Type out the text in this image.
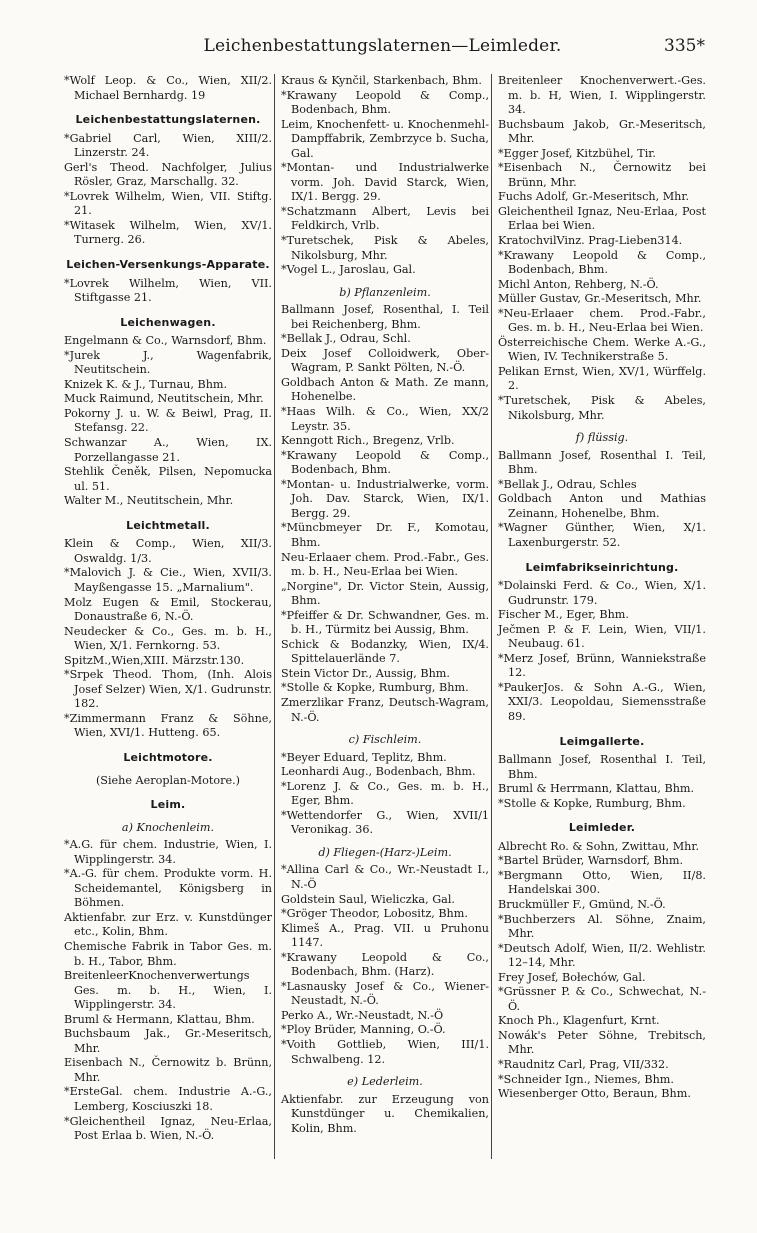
Leichenbestattungslaternen—Leimleder.	335*

*Wolf Leop. & Co., Wien, XII/2. Michael Bernhardg. 19

Leichenbestattungslaternen.

*Gabriel Carl, Wien, XIII/2. Linzerstr. 24.

Gerl's Theod. Nachfolger, Julius Rösler, Graz, Marschallg. 32.

*Lovrek Wilhelm, Wien, VII. Stiftg. 21.

*Witasek Wilhelm, Wien, XV/1. Turnerg. 26.

Leichen-Versenkungs-Apparate.

*Lovrek Wilhelm, Wien, VII. Stiftgasse 21.

Leichenwagen.

Engelmann & Co., Warnsdorf, Bhm.

*Jurek J., Wagenfabrik, Neutitschein.

Knizek K. & J., Turnau, Bhm.

Muck Raimund, Neutitschein, Mhr.

Pokorny J. u. W. & Beiwl, Prag, II. Stefansg. 22.

Schwanzar A., Wien, IX. Porzellangasse 21.

Stehlik Čeněk, Pilsen, Nepomucka ul. 51.

Walter M., Neutitschein, Mhr.

Leichtmetall.

Klein & Comp., Wien, XII/3. Oswaldg. 1/3.

*Malovich J. & Cie., Wien, XVII/3. Mayßengasse 15. „Marnalium".

Molz Eugen & Emil, Stockerau, Donaustraße 6, N.-Ö.

Neudecker & Co., Ges. m. b. H., Wien, X/1. Fernkorng. 53.

SpitzM.,Wien,XIII. Märzstr.130.

*Srpek Theod. Thom, (Inh. Alois Josef Selzer) Wien, X/1. Gudrunstr. 182.

*Zimmermann Franz & Söhne, Wien, XVI/1. Hutteng. 65.

Leichtmotore.

(Siehe Aeroplan-Motore.)

Leim.

a) Knochenleim.

*A.G. für chem. Industrie, Wien, I. Wipplingerstr. 34.

*A.-G. für chem. Produkte vorm. H. Scheidemantel, Königsberg in Böhmen.

Aktienfabr. zur Erz. v. Kunstdünger etc., Kolin, Bhm.

Chemische Fabrik in Tabor Ges. m. b. H., Tabor, Bhm.

BreitenleerKnochenverwertungs Ges. m. b. H., Wien, I. Wipplingerstr. 34.

Bruml & Hermann, Klattau, Bhm.

Buchsbaum Jak., Gr.-Meseritsch, Mhr.

Eisenbach N., Černowitz b. Brünn, Mhr.

*ErsteGal. chem. Industrie A.-G., Lemberg, Kosciuszki 18.

*Gleichentheil Ignaz, Neu-Erlaa, Post Erlaa b. Wien, N.-Ö.

Kraus & Kynčil, Starkenbach, Bhm.

*Krawany Leopold & Comp., Bodenbach, Bhm.

Leim, Knochenfett- u. Knochenmehl-Dampffabrik, Zembrzyce b. Sucha, Gal.

*Montan- und Industrialwerke vorm. Joh. David Starck, Wien, IX/1. Bergg. 29.

*Schatzmann Albert, Levis bei Feldkirch, Vrlb.

*Turetschek, Pisk & Abeles, Nikolsburg, Mhr.

*Vogel L., Jaroslau, Gal.

b) Pflanzenleim.

Ballmann Josef, Rosenthal, I. Teil bei Reichenberg, Bhm.

*Bellak J., Odrau, Schl.

Deix Josef Colloidwerk, Ober-Wagram, P. Sankt Pölten, N.-Ö.

Goldbach Anton & Math. Ze mann, Hohenelbe.

*Haas Wilh. & Co., Wien, XX/2 Leystr. 35.

Kenngott Rich., Bregenz, Vrlb.

*Krawany Leopold & Comp., Bodenbach, Bhm.

*Montan- u. Industrialwerke, vorm. Joh. Dav. Starck, Wien, IX/1. Bergg. 29.

*Müncbmeyer Dr. F., Komotau, Bhm.

Neu-Erlaaer chem. Prod.-Fabr., Ges. m. b. H., Neu-Erlaa bei Wien.

„Norgine", Dr. Victor Stein, Aussig, Bhm.

*Pfeiffer & Dr. Schwandner, Ges. m. b. H., Türmitz bei Aussig, Bhm.

Schick & Bodanzky, Wien, IX/4. Spittelauerlände 7.

Stein Victor Dr., Aussig, Bhm.

*Stolle & Kopke, Rumburg, Bhm.

Zmerzlikar Franz, Deutsch-Wagram, N.-Ö.

c) Fischleim.

*Beyer Eduard, Teplitz, Bhm.

Leonhardi Aug., Bodenbach, Bhm.

*Lorenz J. & Co., Ges. m. b. H., Eger, Bhm.

*Wettendorfer G., Wien, XVII/1 Veronikag. 36.

d) Fliegen-(Harz-)Leim.

*Allina Carl & Co., Wr.-Neustadt I., N.-Ö

Goldstein Saul, Wieliczka, Gal.

*Gröger Theodor, Lobositz, Bhm.

Klimeš A., Prag. VII. u Pruhonu 1147.

*Krawany Leopold & Co., Bodenbach, Bhm. (Harz).

*Lasnausky Josef & Co., Wiener-Neustadt, N.-Ö.

Perko A., Wr.-Neustadt, N.-Ö

*Ploy Brüder, Manning, O.-Ö.

*Voith Gottlieb, Wien, III/1. Schwalbeng. 12.

e) Lederleim.

Aktienfabr. zur Erzeugung von Kunstdünger u. Chemikalien, Kolin, Bhm.

Breitenleer Knochenverwert.-Ges. m. b. H, Wien, I. Wipplingerstr. 34.

Buchsbaum Jakob, Gr.-Meseritsch, Mhr.

*Egger Josef, Kitzbühel, Tir.

*Eisenbach N., Černowitz bei Brünn, Mhr.

Fuchs Adolf, Gr.-Meseritsch, Mhr.

Gleichentheil Ignaz, Neu-Erlaa, Post Erlaa bei Wien.

KratochvilVinz. Prag-Lieben314.

*Krawany Leopold & Comp., Bodenbach, Bhm.

Michl Anton, Rehberg, N.-Ö.

Müller Gustav, Gr.-Meseritsch, Mhr.

*Neu-Erlaaer chem. Prod.-Fabr., Ges. m. b. H., Neu-Erlaa bei Wien.

Österreichische Chem. Werke A.-G., Wien, IV. Technikerstraße 5.

Pelikan Ernst, Wien, XV/1, Würffelg. 2.

*Turetschek, Pisk & Abeles, Nikolsburg, Mhr.

f) flüssig.

Ballmann Josef, Rosenthal I. Teil, Bhm.

*Bellak J., Odrau, Schles

Goldbach Anton und Mathias Zeinann, Hohenelbe, Bhm.

*Wagner Günther, Wien, X/1. Laxenburgerstr. 52.

Leimfabrikseinrichtung.

*Dolainski Ferd. & Co., Wien, X/1. Gudrunstr. 179.

Fischer M., Eger, Bhm.

Ječmen P. & F. Lein, Wien, VII/1. Neubaug. 61.

*Merz Josef, Brünn, Wanniekstraße 12.

*PaukerJos. & Sohn A.-G., Wien, XXI/3. Leopoldau, Siemensstraße 89.

Leimgallerte.

Ballmann Josef, Rosenthal I. Teil, Bhm.

Bruml & Herrmann, Klattau, Bhm.

*Stolle & Kopke, Rumburg, Bhm.

Leimleder.

Albrecht Ro. & Sohn, Zwittau, Mhr.

*Bartel Brüder, Warnsdorf, Bhm.

*Bergmann Otto, Wien, II/8. Handelskai 300.

Bruckmüller F., Gmünd, N.-Ö.

*Buchberzers Al. Söhne, Znaim, Mhr.

*Deutsch Adolf, Wien, II/2. Wehlistr. 12–14, Mhr.

Frey Josef, Bołechów, Gal.

*Grüssner P. & Co., Schwechat, N.-Ö.

Knoch Ph., Klagenfurt, Krnt.

Nowák's Peter Söhne, Trebitsch, Mhr.

*Raudnitz Carl, Prag, VII/332.

*Schneider Ign., Niemes, Bhm.

Wiesenberger Otto, Beraun, Bhm.
